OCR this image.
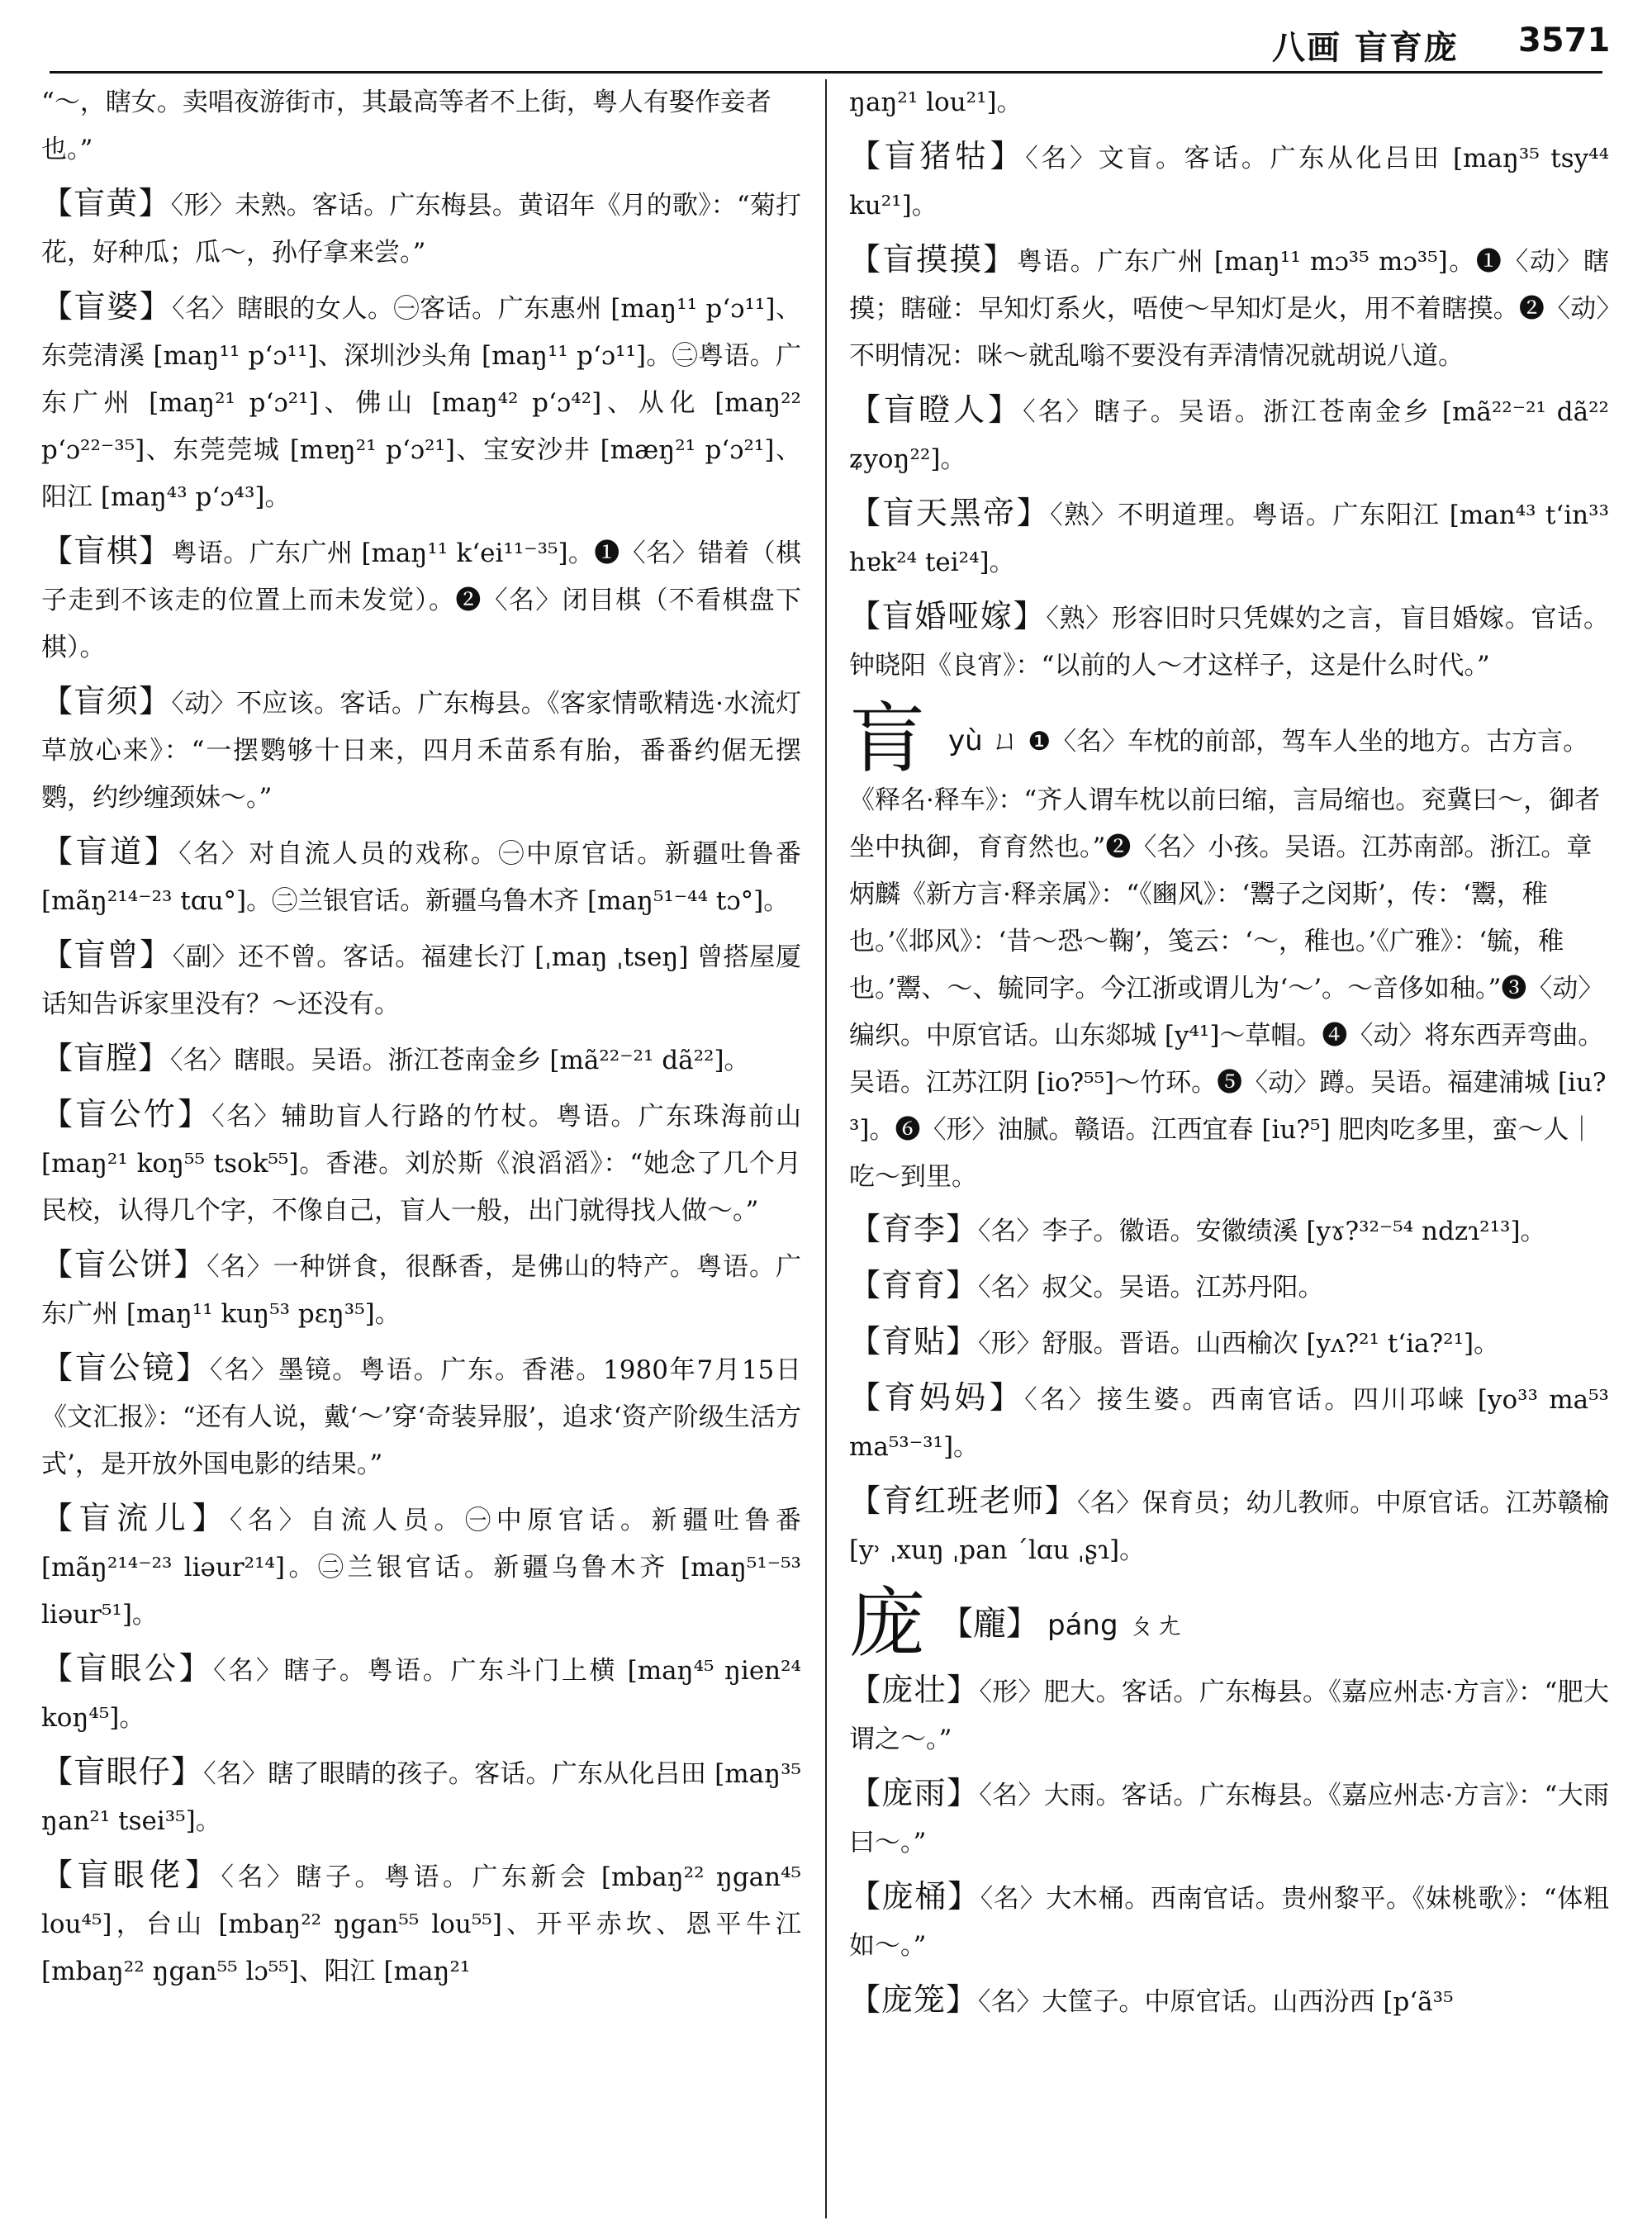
八画 盲育庞 3571
“～，瞎女。卖唱夜游街市，其最高等者不上街，粤人有娶作妾者也。”
【盲黄】〈形〉未熟。客话。广东梅县。黄诏年《月的歌》：“菊打花，好种瓜；瓜～，孙仔拿来尝。”
【盲婆】〈名〉瞎眼的女人。㊀客话。广东惠州 [maŋ¹¹ p‘ɔ¹¹]、东莞清溪 [maŋ¹¹ p‘ɔ¹¹]、深圳沙头角 [maŋ¹¹ p‘ɔ¹¹]。㊁粤语。广东广州 [maŋ²¹ p‘ɔ²¹]、佛山 [maŋ⁴² p‘ɔ⁴²]、从化 [maŋ²² p‘ɔ²²⁻³⁵]、东莞莞城 [mɐŋ²¹ p‘ɔ²¹]、宝安沙井 [mæŋ²¹ p‘ɔ²¹]、阳江 [maŋ⁴³ p‘ɔ⁴³]。
【盲棋】粤语。广东广州 [maŋ¹¹ k‘ei¹¹⁻³⁵]。❶〈名〉错着（棋子走到不该走的位置上而未发觉）。❷〈名〉闭目棋（不看棋盘下棋）。
【盲须】〈动〉不应该。客话。广东梅县。《客家情歌精选·水流灯草放心来》：“一摆鹦够十日来，四月禾苗系有胎，番番约倨无摆鹦，约纱缠颈妹～。”
【盲道】〈名〉对自流人员的戏称。㊀中原官话。新疆吐鲁番 [mãŋ²¹⁴⁻²³ tɑu°]。㊁兰银官话。新疆乌鲁木齐 [maŋ⁵¹⁻⁴⁴ tɔ°]。
【盲曾】〈副〉还不曾。客话。福建长汀 [ˌmaŋ ˌtseŋ] 曾搭屋厦话知告诉家里没有？～还没有。
【盲膛】〈名〉瞎眼。吴语。浙江苍南金乡 [mã²²⁻²¹ dã²²]。
【盲公竹】〈名〉辅助盲人行路的竹杖。粤语。广东珠海前山 [maŋ²¹ koŋ⁵⁵ tsok⁵⁵]。香港。刘於斯《浪滔滔》：“她念了几个月民校，认得几个字，不像自己，盲人一般，出门就得找人做～。”
【盲公饼】〈名〉一种饼食，很酥香，是佛山的特产。粤语。广东广州 [maŋ¹¹ kuŋ⁵³ pɛŋ³⁵]。
【盲公镜】〈名〉墨镜。粤语。广东。香港。1980年7月15日《文汇报》：“还有人说，戴‘～’穿‘奇装异服’，追求‘资产阶级生活方式’，是开放外国电影的结果。”
【盲流儿】〈名〉自流人员。㊀中原官话。新疆吐鲁番 [mãŋ²¹⁴⁻²³ liəur²¹⁴]。㊁兰银官话。新疆乌鲁木齐 [maŋ⁵¹⁻⁵³ liəur⁵¹]。
【盲眼公】〈名〉瞎子。粤语。广东斗门上横 [maŋ⁴⁵ ŋien²⁴ koŋ⁴⁵]。
【盲眼仔】〈名〉瞎了眼睛的孩子。客话。广东从化吕田 [maŋ³⁵ ŋan²¹ tsei³⁵]。
【盲眼佬】〈名〉瞎子。粤语。广东新会 [mbaŋ²² ŋgan⁴⁵ lou⁴⁵]，台山 [mbaŋ²² ŋgan⁵⁵ lou⁵⁵]、开平赤坎、恩平牛江 [mbaŋ²² ŋgan⁵⁵ lɔ⁵⁵]、阳江 [maŋ²¹
ŋaŋ²¹ lou²¹]。
【盲猪牯】〈名〉文盲。客话。广东从化吕田 [maŋ³⁵ tsy⁴⁴ ku²¹]。
【盲摸摸】粤语。广东广州 [maŋ¹¹ mɔ³⁵ mɔ³⁵]。❶〈动〉瞎摸；瞎碰：早知灯系火，唔使～早知灯是火，用不着瞎摸。❷〈动〉不明情况：咪～就乱嗡不要没有弄清情况就胡说八道。
【盲瞪人】〈名〉瞎子。吴语。浙江苍南金乡 [mã²²⁻²¹ dã²² ʑyoŋ²²]。
【盲天黑帝】〈熟〉不明道理。粤语。广东阳江 [man⁴³ t‘in³³ hɐk²⁴ tei²⁴]。
【盲婚哑嫁】〈熟〉形容旧时只凭媒妁之言，盲目婚嫁。官话。钟晓阳《良宵》：“以前的人～才这样子，这是什么时代。”
肓yù ㄩ ❶〈名〉车枕的前部，驾车人坐的地方。古方言。《释名·释车》：“齐人谓车枕以前曰缩，言局缩也。兖冀曰～，御者坐中执御，育育然也。”❷〈名〉小孩。吴语。江苏南部。浙江。章炳麟《新方言·释亲属》：“《豳风》：‘鬻子之闵斯’，传：‘鬻，稚也。’《邶风》：‘昔～恐～鞠’，笺云：‘～，稚也。’《广雅》：‘毓，稚也。’鬻、～、毓同字。今江浙或谓儿为‘～’。～音侈如秞。”❸〈动〉编织。中原官话。山东郯城 [y⁴¹]～草帽。❹〈动〉将东西弄弯曲。吴语。江苏江阴 [io?⁵⁵]～竹环。❺〈动〉蹲。吴语。福建浦城 [iu?³]。❻〈形〉油腻。赣语。江西宜春 [iu?⁵] 肥肉吃多里，蛮～人｜吃～到里。
【育李】〈名〉李子。徽语。安徽绩溪 [yɤ?³²⁻⁵⁴ ndzɿ²¹³]。
【育育】〈名〉叔父。吴语。江苏丹阳。
【育贴】〈形〉舒服。晋语。山西榆次 [yʌ?²¹ t‘ia?²¹]。
【育妈妈】〈名〉接生婆。西南官话。四川邛崃 [yo³³ ma⁵³ ma⁵³⁻³¹]。
【育红班老师】〈名〉保育员；幼儿教师。中原官话。江苏赣榆 [y˒ ˌxuŋ ˌpan ˊlɑu ˌʂɿ]。
庞 【龐】 páng ㄆㄤ
【庞壮】〈形〉肥大。客话。广东梅县。《嘉应州志·方言》：“肥大谓之～。”
【庞雨】〈名〉大雨。客话。广东梅县。《嘉应州志·方言》：“大雨曰～。”
【庞桶】〈名〉大木桶。西南官话。贵州黎平。《妹桃歌》：“体粗如～。”
【庞笼】〈名〉大筐子。中原官话。山西汾西 [p‘ã³⁵
